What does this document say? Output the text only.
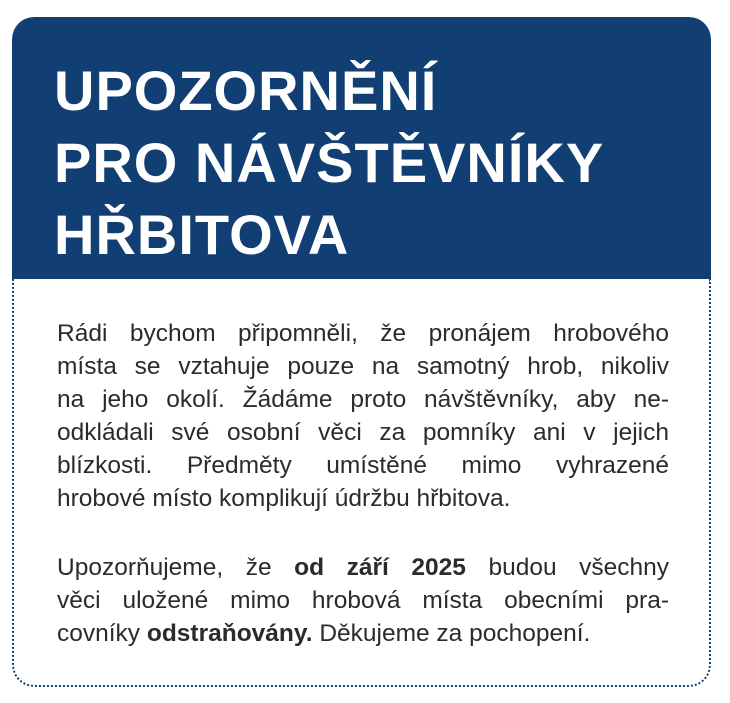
UPOZORNĚNÍ
PRO NÁVŠTĚVNÍKY
HŘBITOVA

Rádi bychom připomněli, že pronájem hrobového
místa se vztahuje pouze na samotný hrob, nikoliv
na jeho okolí. Žádáme proto návštěvníky, aby ne-
odkládali své osobní věci za pomníky ani v jejich
blízkosti. Předměty umístěné mimo vyhrazené
hrobové místo komplikují údržbu hřbitova.

Upozorňujeme, že od září 2025 budou všechny
věci uložené mimo hrobová místa obecními pra-
covníky odstraňovány. Děkujeme za pochopení.
